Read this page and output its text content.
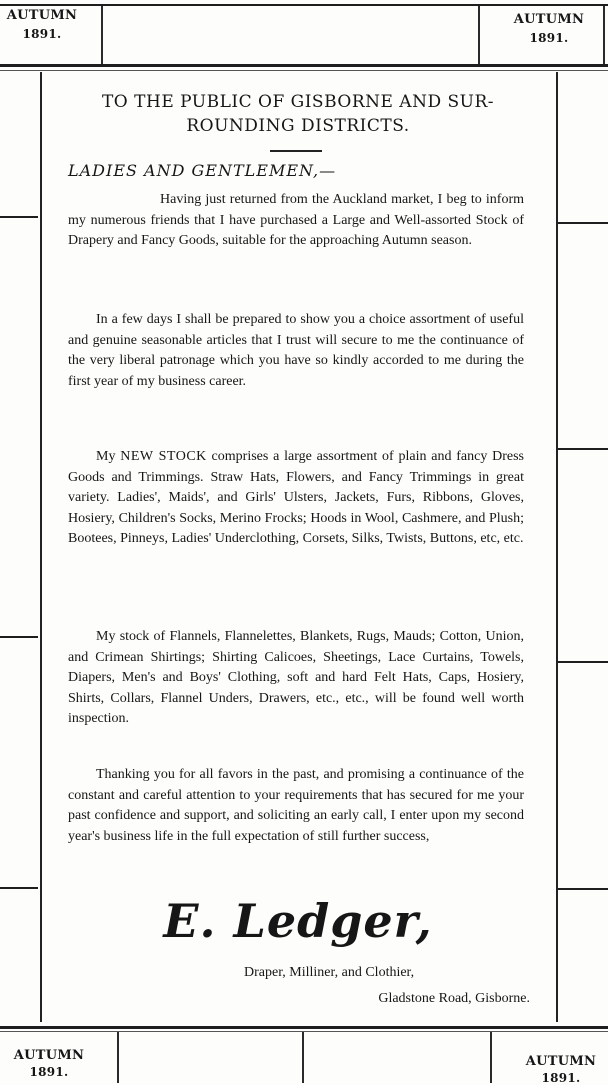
AUTUMN
1891.
AUTUMN
1891.
AUTUMN
1891.
AUTUMN
1891.
TO THE PUBLIC OF GISBORNE AND SUR-
ROUNDING DISTRICTS.
LADIES AND GENTLEMEN,—
Having just returned from the Auckland market, I beg to inform my numerous friends that I have purchased a Large and Well-assorted Stock of Drapery and Fancy Goods, suitable for the approaching Autumn season.
In a few days I shall be prepared to show you a choice assortment of useful and genuine seasonable articles that I trust will secure to me the continuance of the very liberal patronage which you have so kindly accorded to me during the first year of my business career.
My NEW STOCK comprises a large assortment of plain and fancy Dress Goods and Trimmings. Straw Hats, Flowers, and Fancy Trimmings in great variety. Ladies', Maids', and Girls' Ulsters, Jackets, Furs, Ribbons, Gloves, Hosiery, Children's Socks, Merino Frocks; Hoods in Wool, Cashmere, and Plush; Bootees, Pinneys, Ladies' Underclothing, Corsets, Silks, Twists, Buttons, etc, etc.
My stock of Flannels, Flannelettes, Blankets, Rugs, Mauds; Cotton, Union, and Crimean Shirtings; Shirting Calicoes, Sheetings, Lace Curtains, Towels, Diapers, Men's and Boys' Clothing, soft and hard Felt Hats, Caps, Hosiery, Shirts, Collars, Flannel Unders, Drawers, etc., etc., will be found well worth inspection.
Thanking you for all favors in the past, and promising a continuance of the constant and careful attention to your requirements that has secured for me your past confidence and support, and soliciting an early call, I enter upon my second year's business life in the full expectation of still further success,
E. Ledger,
Draper, Milliner, and Clothier,
Gladstone Road, Gisborne.
